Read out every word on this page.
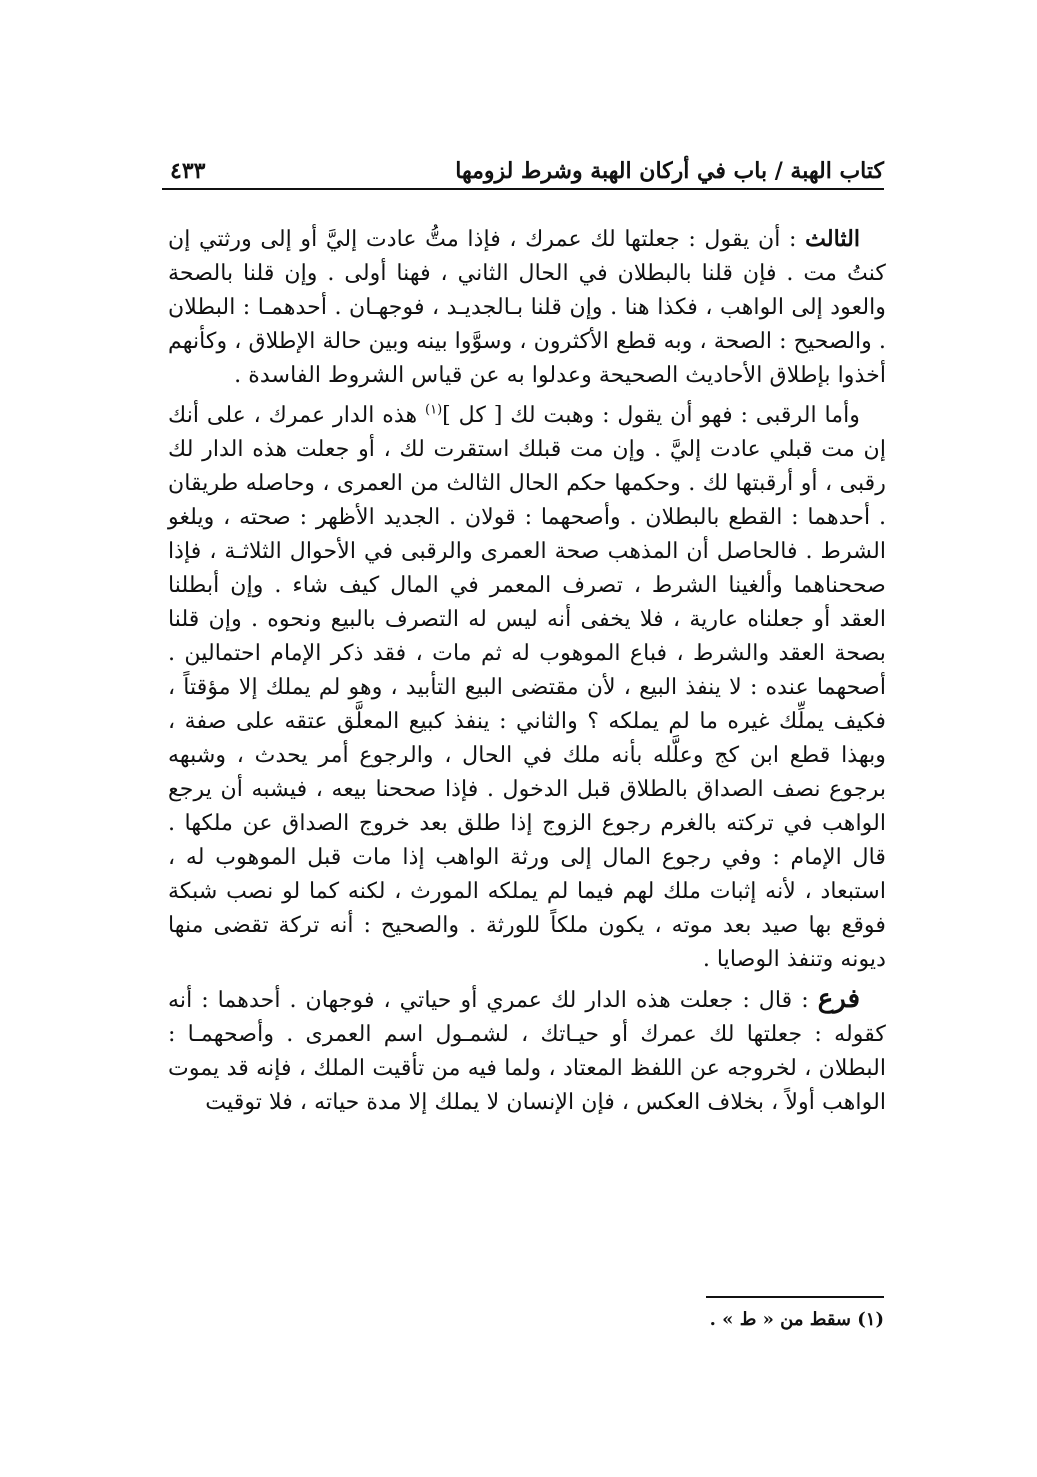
كتاب الهبة / باب في أركان الهبة وشرط لزومها
٤٣٣

الثالث : أن يقول : جعلتها لك عمرك ، فإذا متُّ عادت إليَّ أو إلى ورثتي إن كنتُ مت . فإن قلنا بالبطلان في الحال الثاني ، فهنا أولى . وإن قلنا بالصحة والعود إلى الواهب ، فكذا هنا . وإن قلنا بـالجديـد ، فوجهـان . أحدهمـا : البطلان . والصحيح : الصحة ، وبه قطع الأكثرون ، وسوَّوا بينه وبين حالة الإطلاق ، وكأنهم أخذوا بإطلاق الأحاديث الصحيحة وعدلوا به عن قياس الشروط الفاسدة .

وأما الرقبى : فهو أن يقول : وهبت لك [ كل ]$^{(١)}$ هذه الدار عمرك ، على أنك إن مت قبلي عادت إليَّ . وإن مت قبلك استقرت لك ، أو جعلت هذه الدار لك رقبى ، أو أرقبتها لك . وحكمها حكم الحال الثالث من العمرى ، وحاصله طريقان . أحدهما : القطع بالبطلان . وأصحهما : قولان . الجديد الأظهر : صحته ، ويلغو الشرط . فالحاصل أن المذهب صحة العمرى والرقبى في الأحوال الثلاثـة ، فإذا صححناهما وألغينا الشرط ، تصرف المعمر في المال كيف شاء . وإن أبطلنا العقد أو جعلناه عارية ، فلا يخفى أنه ليس له التصرف بالبيع ونحوه . وإن قلنا بصحة العقد والشرط ، فباع الموهوب له ثم مات ، فقد ذكر الإمام احتمالين . أصحهما عنده : لا ينفذ البيع ، لأن مقتضى البيع التأبيد ، وهو لم يملك إلا مؤقتاً ، فكيف يملِّك غيره ما لم يملكه ؟ والثاني : ينفذ كبيع المعلَّق عتقه على صفة ، وبهذا قطع ابن كج وعلَّله بأنه ملك في الحال ، والرجوع أمر يحدث ، وشبهه برجوع نصف الصداق بالطلاق قبل الدخول . فإذا صححنا بيعه ، فيشبه أن يرجع الواهب في تركته بالغرم رجوع الزوج إذا طلق بعد خروج الصداق عن ملكها . قال الإمام : وفي رجوع المال إلى ورثة الواهب إذا مات قبل الموهوب له ، استبعاد ، لأنه إثبات ملك لهم فيما لم يملكه المورث ، لكنه كما لو نصب شبكة فوقع بها صيد بعد موته ، يكون ملكاً للورثة . والصحيح : أنه تركة تقضى منها ديونه وتنفذ الوصايا .

فرع : قال : جعلت هذه الدار لك عمري أو حياتي ، فوجهان . أحدهما : أنه كقوله : جعلتها لك عمرك أو حيـاتك ، لشمـول اسم العمرى . وأصحهمـا : البطلان ، لخروجه عن اللفظ المعتاد ، ولما فيه من تأقيت الملك ، فإنه قد يموت الواهب أولاً ، بخلاف العكس ، فإن الإنسان لا يملك إلا مدة حياته ، فلا توقيت

(١) سقط من « ط » .
